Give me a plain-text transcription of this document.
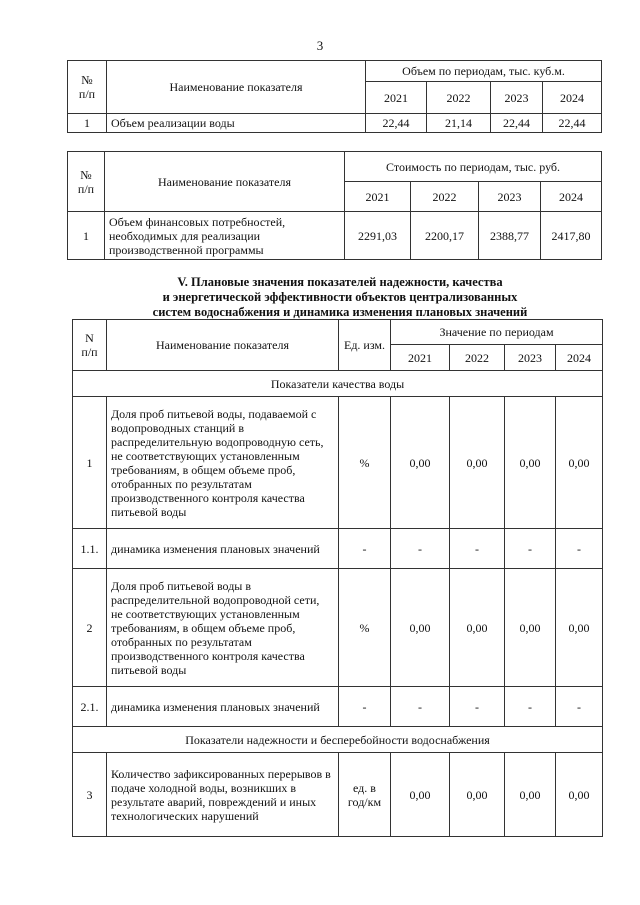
3
№
п/п	Наименование показателя	Объем по периодам, тыс. куб.м.			
		2021	2022	2023	2024
1	Объем реализации воды	22,44	21,14	22,44	22,44
№
п/п	Наименование показателя	Стоимость по периодам, тыс. руб.			
		2021	2022	2023	2024
1	Объем финансовых потребностей, необходимых для реализации производственной программы	2291,03	2200,17	2388,77	2417,80
V. Плановые значения показателей надежности, качества
и энергетической эффективности объектов централизованных
систем водоснабжения и динамика изменения плановых значений
N
п/п	Наименование показателя	Ед. изм.	Значение по периодам			
			2021	2022	2023	2024
Показатели качества воды						
1	Доля проб питьевой воды, подаваемой с водопроводных станций в распределительную водопроводную сеть, не соответствующих установленным требованиям, в общем объеме проб, отобранных по результатам производственного контроля качества питьевой воды	%	0,00	0,00	0,00	0,00
1.1.	динамика изменения плановых значений	-	-	-	-	-
2	Доля проб питьевой воды в распределительной водопроводной сети, не соответствующих установленным требованиям, в общем объеме проб, отобранных по результатам производственного контроля качества питьевой воды	%	0,00	0,00	0,00	0,00
2.1.	динамика изменения плановых значений	-	-	-	-	-
Показатели надежности и бесперебойности водоснабжения						
3	Количество зафиксированных перерывов в подаче холодной воды, возникших в результате аварий, повреждений и иных технологических нарушений	ед. в год/км	0,00	0,00	0,00	0,00
